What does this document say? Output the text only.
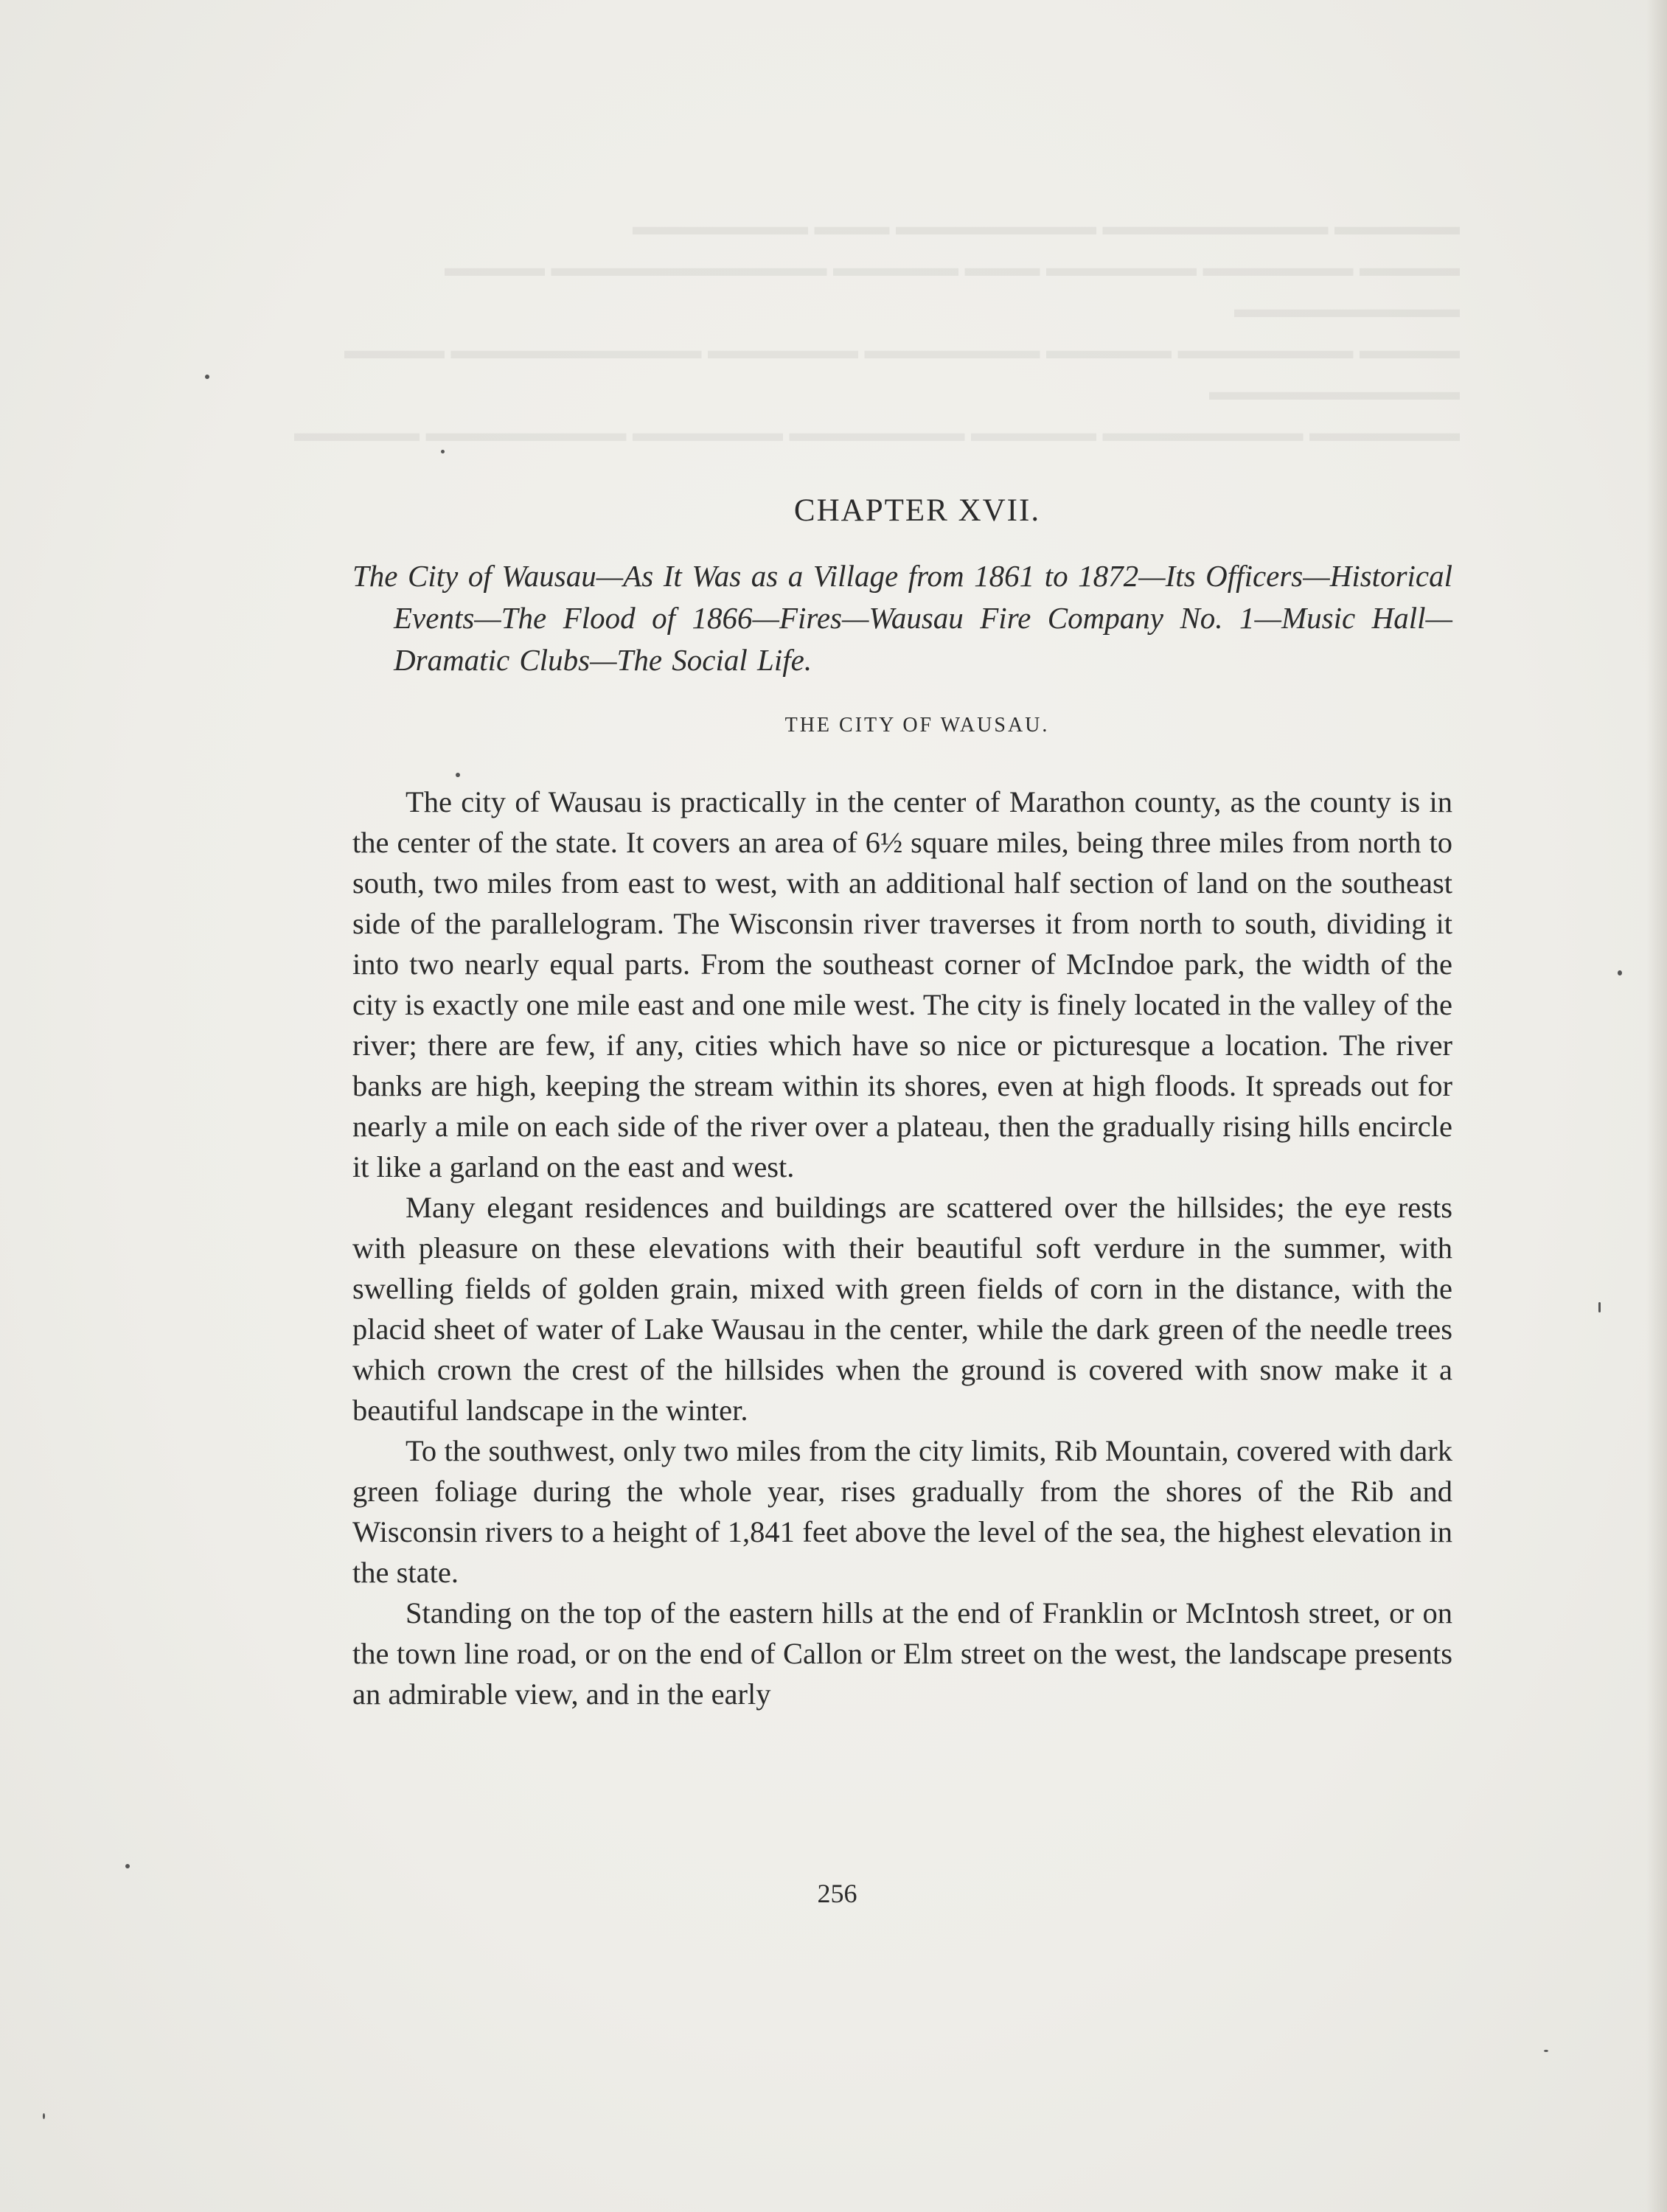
▬▬▬▬▬ ▬▬▬▬▬▬▬▬▬ ▬▬▬▬▬▬▬▬ ▬▬▬ ▬▬▬▬▬▬▬
▬▬▬▬ ▬▬▬▬▬▬ ▬▬▬▬▬▬ ▬▬▬ ▬▬▬▬▬ ▬▬▬▬▬▬▬▬▬▬▬ ▬▬▬▬
▬▬▬▬▬▬▬▬▬
▬▬▬▬ ▬▬▬▬▬▬▬ ▬▬▬▬▬ ▬▬▬▬▬▬▬ ▬▬▬▬▬▬ ▬▬▬▬▬▬▬▬▬▬ ▬▬▬▬
▬▬▬▬▬▬▬▬▬▬
▬▬▬▬▬▬ ▬▬▬▬▬▬▬▬ ▬▬▬▬▬ ▬▬▬▬▬▬▬ ▬▬▬▬▬▬ ▬▬▬▬▬▬▬▬ ▬▬▬▬▬
CHAPTER XVII.

The City of Wausau—As It Was as a Village from 1861 to 1872—Its Officers—Historical Events—The Flood of 1866—Fires—Wausau Fire Company No. 1—Music Hall—Dramatic Clubs—The Social Life.

THE CITY OF WAUSAU.

The city of Wausau is practically in the center of Marathon county, as the county is in the center of the state. It covers an area of 6½ square miles, being three miles from north to south, two miles from east to west, with an additional half section of land on the southeast side of the parallelogram. The Wisconsin river traverses it from north to south, dividing it into two nearly equal parts. From the southeast corner of McIndoe park, the width of the city is exactly one mile east and one mile west. The city is finely located in the valley of the river; there are few, if any, cities which have so nice or picturesque a location. The river banks are high, keeping the stream within its shores, even at high floods. It spreads out for nearly a mile on each side of the river over a plateau, then the gradually rising hills encircle it like a garland on the east and west.

Many elegant residences and buildings are scattered over the hillsides; the eye rests with pleasure on these elevations with their beautiful soft verdure in the summer, with swelling fields of golden grain, mixed with green fields of corn in the distance, with the placid sheet of water of Lake Wausau in the center, while the dark green of the needle trees which crown the crest of the hillsides when the ground is covered with snow make it a beautiful landscape in the winter.

To the southwest, only two miles from the city limits, Rib Mountain, covered with dark green foliage during the whole year, rises gradually from the shores of the Rib and Wisconsin rivers to a height of 1,841 feet above the level of the sea, the highest elevation in the state.

Standing on the top of the eastern hills at the end of Franklin or McIntosh street, or on the town line road, or on the end of Callon or Elm street on the west, the landscape presents an admirable view, and in the early

256
